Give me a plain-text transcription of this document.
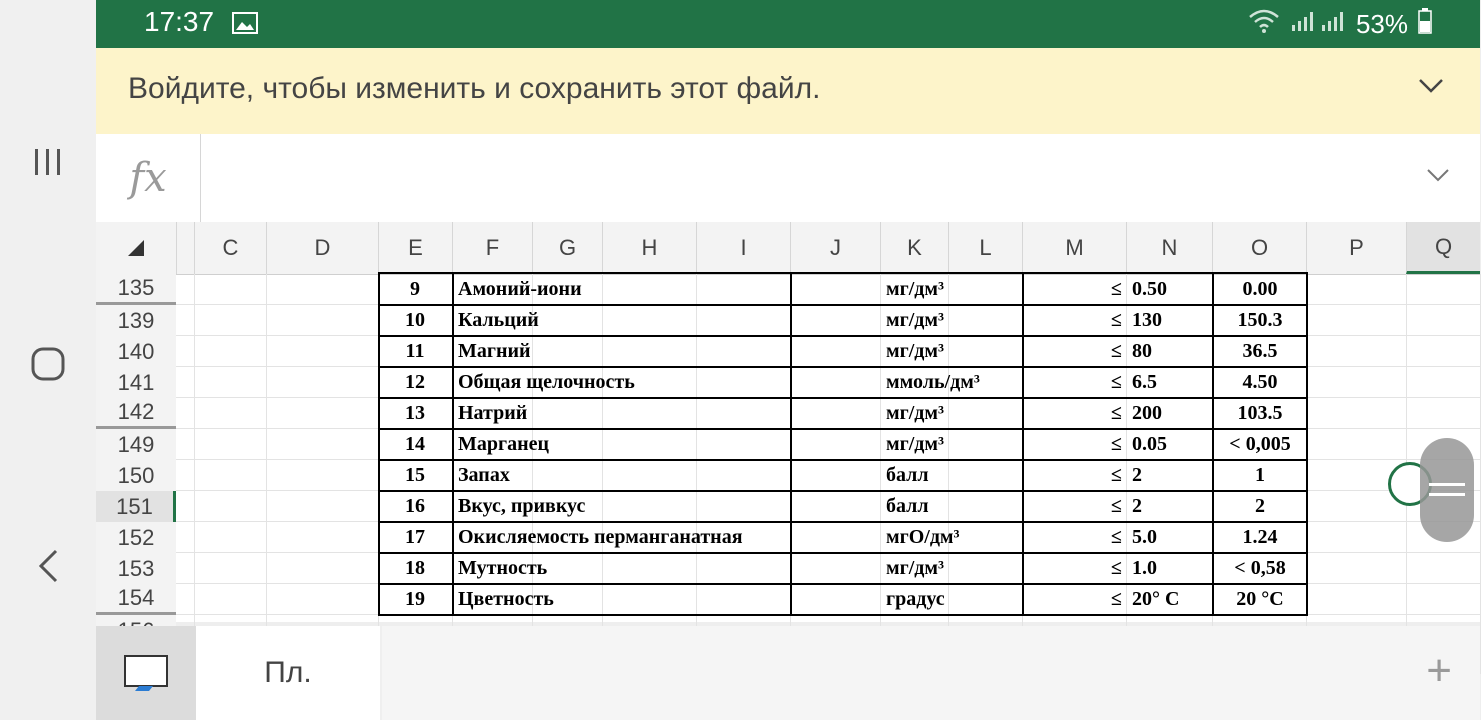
17:37	53%
Войдите, чтобы изменить и сохранить этот файл.
fx
C	D	E	F	G	H	I	J	K	L	M	N	O	P	Q
135
139
140
141
142
149
150
151
152
153
154
9	Амоний-иони	мг/дм³	≤ 0.50	0.00
10	Кальций	мг/дм³	≤ 130	150.3
11	Магний	мг/дм³	≤ 80	36.5
12	Общая щелочность	ммоль/дм³	≤ 6.5	4.50
13	Натрий	мг/дм³	≤ 200	103.5
14	Марганец	мг/дм³	≤ 0.05	< 0,005
15	Запах	балл	≤ 2	1
16	Вкус, привкус	балл	≤ 2	2
17	Окисляемость перманганатная	мгО/дм³	≤ 5.0	1.24
18	Мутность	мг/дм³	≤ 1.0	< 0,58
19	Цветность	градус	≤ 20° С	20 °С
Пл.	+
